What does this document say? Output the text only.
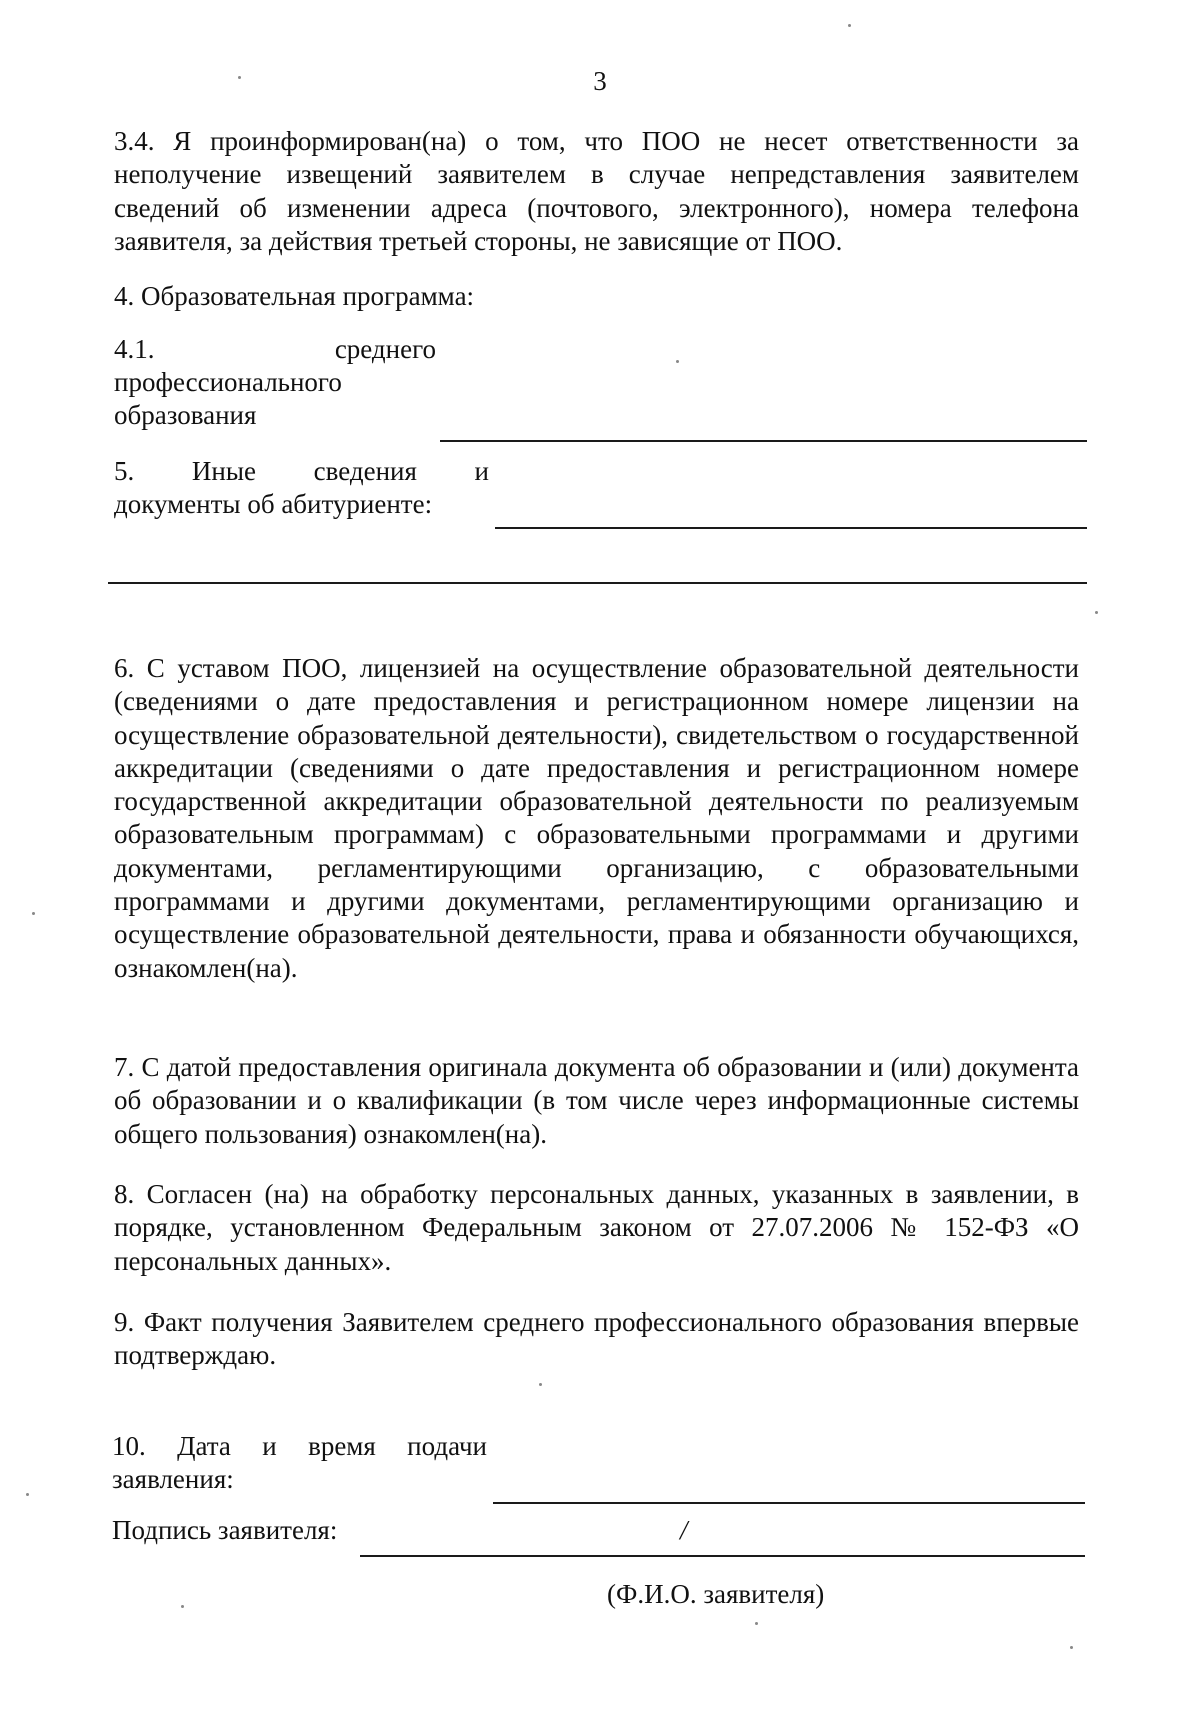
3

3.4. Я проинформирован(на) о том, что ПОО не несет ответственности за неполучение извещений заявителем в случае непредставления заявителем сведений об изменении адреса (почтового, электронного), номера телефона заявителя, за действия третьей стороны, не зависящие от ПОО.

4. Образовательная программа:

4.1.          среднего
профессионального образования
5. Иные сведения и
документы об абитуриенте:

6. С уставом ПОО, лицензией на осуществление образовательной деятельности (сведениями о дате предоставления и регистрационном номере лицензии на осуществление образовательной деятельности), свидетельством о государственной аккредитации (сведениями о дате предоставления и регистрационном номере государственной аккредитации образовательной деятельности по реализуемым образовательным программам) с образовательными программами и другими документами, регламентирующими организацию, с образовательными программами и другими документами, регламентирующими организацию и осуществление образовательной деятельности, права и обязанности обучающихся, ознакомлен(на).

7. С датой предоставления оригинала документа об образовании и (или) документа об образовании и о квалификации (в том числе через информационные системы общего пользования) ознакомлен(на).

8. Согласен (на) на обработку персональных данных, указанных в заявлении, в порядке, установленном Федеральным законом от 27.07.2006 № 152-ФЗ «О персональных данных».

9. Факт получения Заявителем среднего профессионального образования впервые подтверждаю.

10. Дата и время подачи
заявления:
Подпись заявителя:	/
(Ф.И.О. заявителя)
